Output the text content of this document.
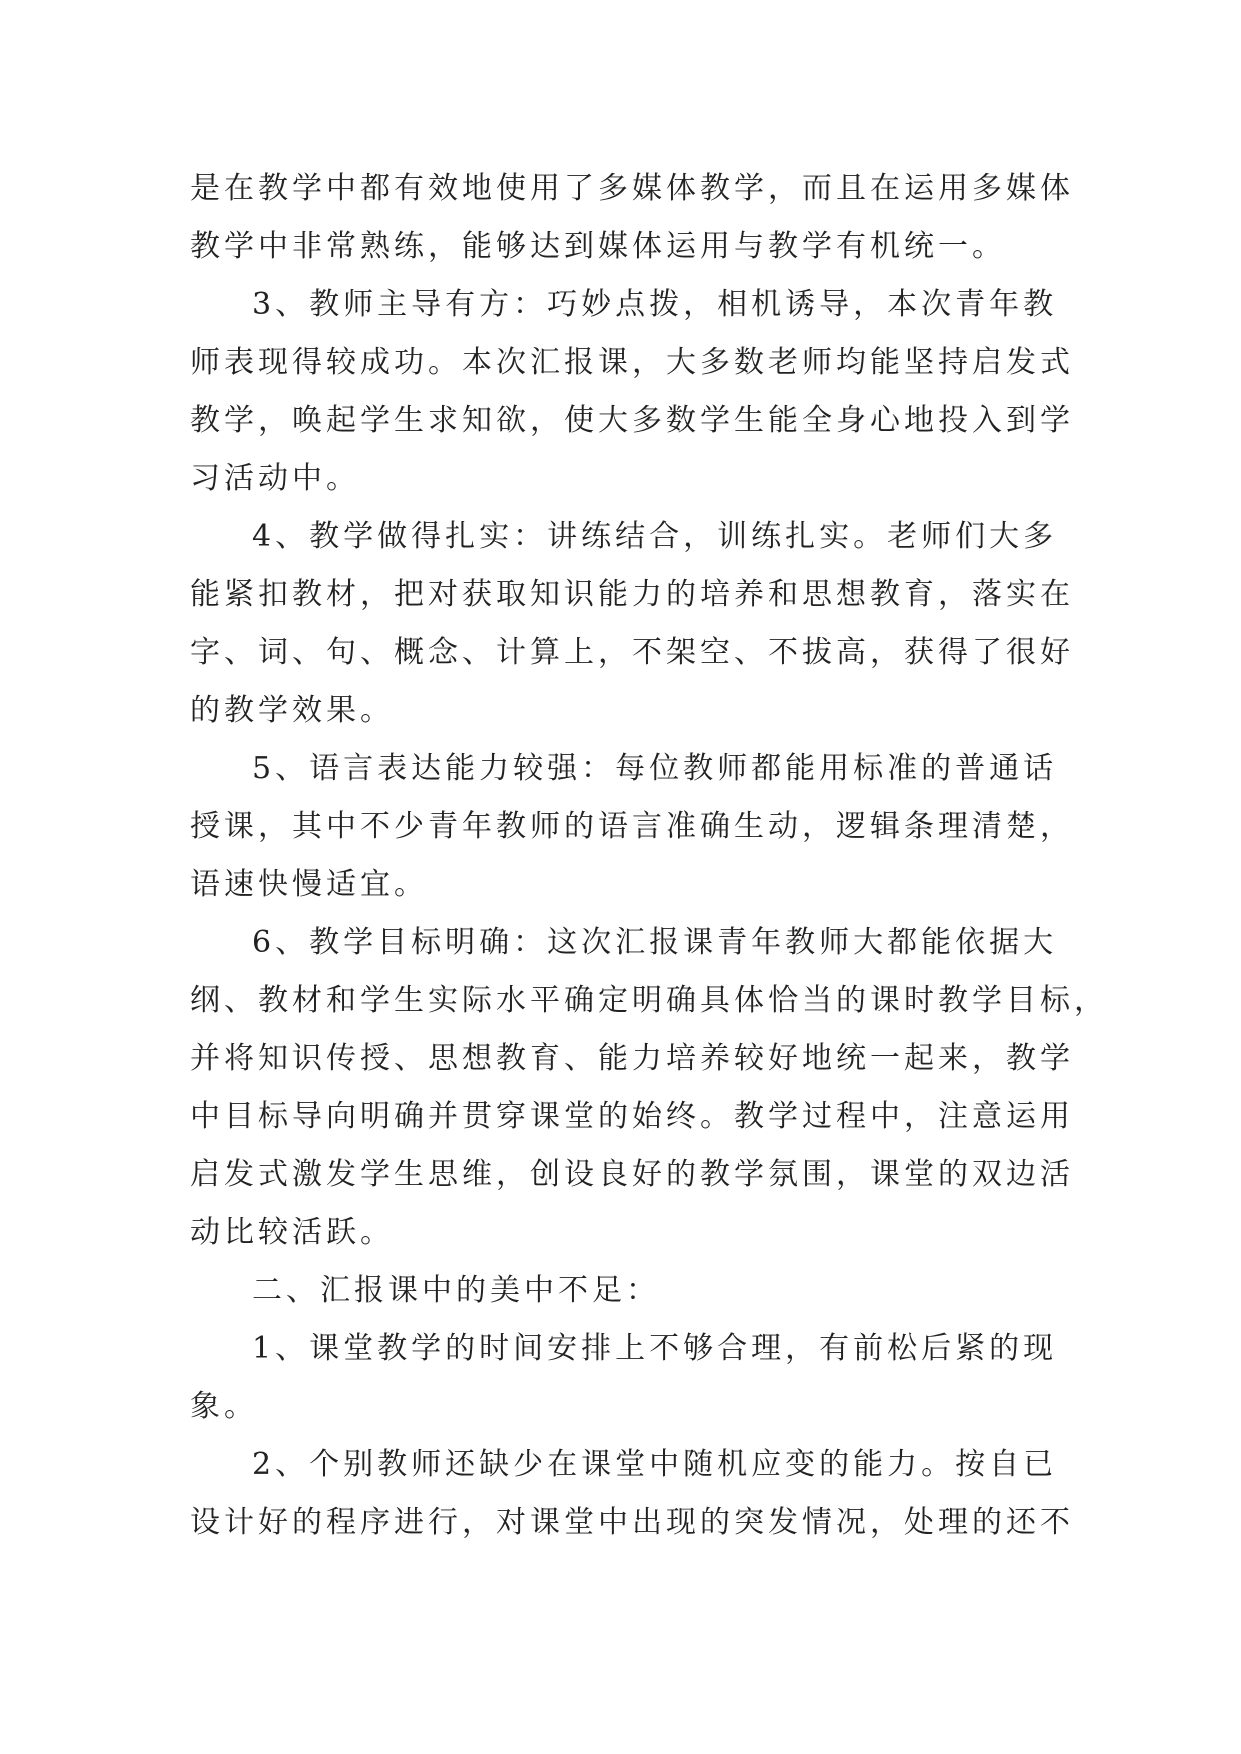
是在教学中都有效地使用了多媒体教学，而且在运用多媒体
教学中非常熟练，能够达到媒体运用与教学有机统一。
3、教师主导有方：巧妙点拨，相机诱导，本次青年教
师表现得较成功。本次汇报课，大多数老师均能坚持启发式
教学，唤起学生求知欲，使大多数学生能全身心地投入到学
习活动中。
4、教学做得扎实：讲练结合，训练扎实。老师们大多
能紧扣教材，把对获取知识能力的培养和思想教育，落实在
字、词、句、概念、计算上，不架空、不拔高，获得了很好
的教学效果。
5、语言表达能力较强：每位教师都能用标准的普通话
授课，其中不少青年教师的语言准确生动，逻辑条理清楚，
语速快慢适宜。
6、教学目标明确：这次汇报课青年教师大都能依据大
纲、教材和学生实际水平确定明确具体恰当的课时教学目标，
并将知识传授、思想教育、能力培养较好地统一起来，教学
中目标导向明确并贯穿课堂的始终。教学过程中，注意运用
启发式激发学生思维，创设良好的教学氛围，课堂的双边活
动比较活跃。
二、汇报课中的美中不足：
1、课堂教学的时间安排上不够合理，有前松后紧的现
象。
2、个别教师还缺少在课堂中随机应变的能力。按自已
设计好的程序进行，对课堂中出现的突发情况，处理的还不
